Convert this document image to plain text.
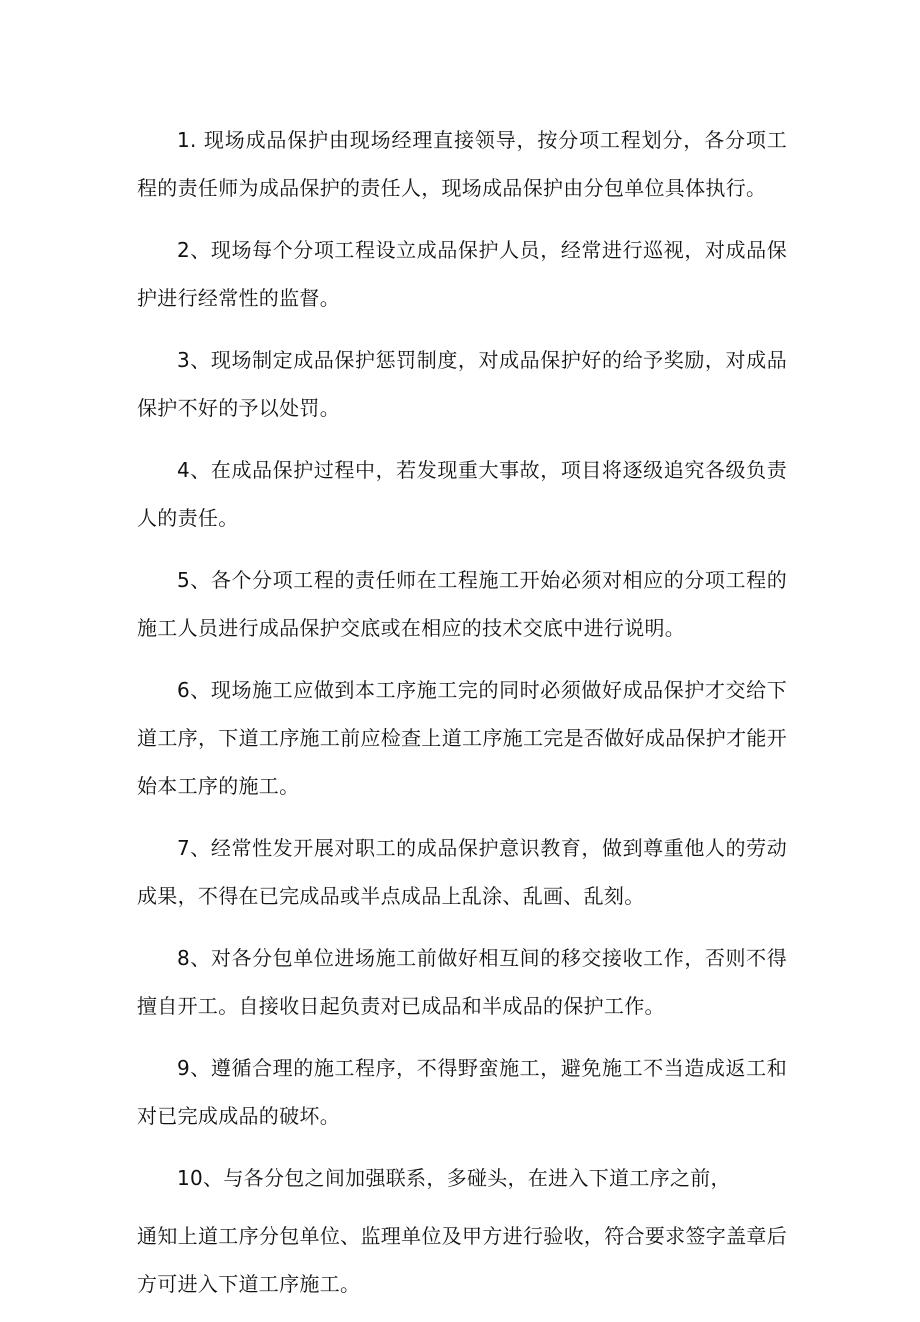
1. 现场成品保护由现场经理直接领导，按分项工程划分，各分项工程的责任师为成品保护的责任人，现场成品保护由分包单位具体执行。

2、现场每个分项工程设立成品保护人员，经常进行巡视，对成品保护进行经常性的监督。

3、现场制定成品保护惩罚制度，对成品保护好的给予奖励，对成品保护不好的予以处罚。

4、在成品保护过程中，若发现重大事故，项目将逐级追究各级负责人的责任。

5、各个分项工程的责任师在工程施工开始必须对相应的分项工程的施工人员进行成品保护交底或在相应的技术交底中进行说明。

6、现场施工应做到本工序施工完的同时必须做好成品保护才交给下道工序，下道工序施工前应检查上道工序施工完是否做好成品保护才能开始本工序的施工。

7、经常性发开展对职工的成品保护意识教育，做到尊重他人的劳动成果，不得在已完成品或半点成品上乱涂、乱画、乱刻。

8、对各分包单位进场施工前做好相互间的移交接收工作，否则不得擅自开工。自接收日起负责对已成品和半成品的保护工作。

9、遵循合理的施工程序，不得野蛮施工，避免施工不当造成返工和对已完成成品的破坏。

10、与各分包之间加强联系，多碰头，在进入下道工序之前，

通知上道工序分包单位、监理单位及甲方进行验收，符合要求签字盖章后方可进入下道工序施工。
